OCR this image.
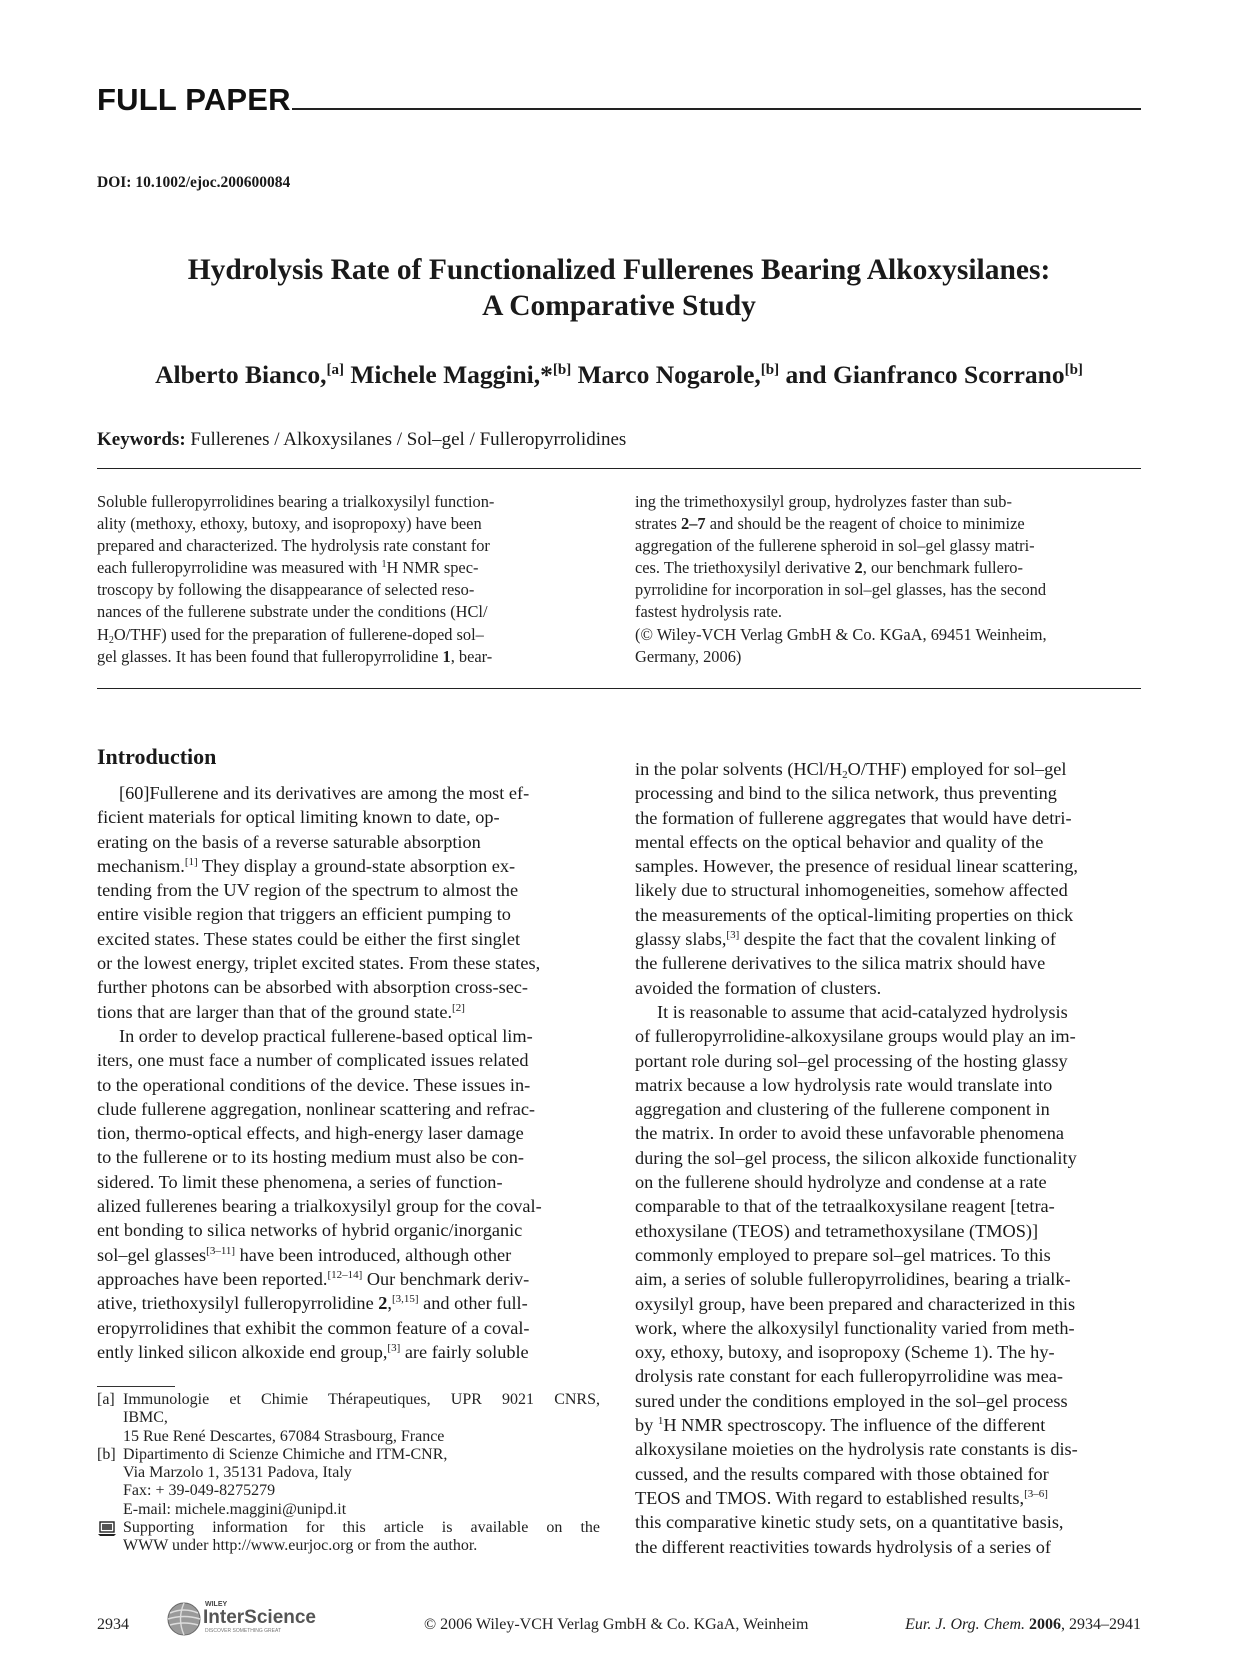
FULL PAPER
DOI: 10.1002/ejoc.200600084
Hydrolysis Rate of Functionalized Fullerenes Bearing Alkoxysilanes:
A Comparative Study
Alberto Bianco,[a] Michele Maggini,*[b] Marco Nogarole,[b] and Gianfranco Scorrano[b]
Keywords: Fullerenes / Alkoxysilanes / Sol–gel / Fulleropyrrolidines
Soluble fulleropyrrolidines bearing a trialkoxysilyl function-
ality (methoxy, ethoxy, butoxy, and isopropoxy) have been
prepared and characterized. The hydrolysis rate constant for
each fulleropyrrolidine was measured with $^1$H NMR spec-
troscopy by following the disappearance of selected reso-
nances of the fullerene substrate under the conditions (HCl/
$H_2O/THF$) used for the preparation of fullerene-doped sol–
gel glasses. It has been found that fulleropyrrolidine 1, bear-
ing the trimethoxysilyl group, hydrolyzes faster than sub-
strates 2–7 and should be the reagent of choice to minimize
aggregation of the fullerene spheroid in sol–gel glassy matri-
ces. The triethoxysilyl derivative 2, our benchmark fullero-
pyrrolidine for incorporation in sol–gel glasses, has the second
fastest hydrolysis rate.
(© Wiley-VCH Verlag GmbH & Co. KGaA, 69451 Weinheim,
Germany, 2006)
Introduction
[60]Fullerene and its derivatives are among the most ef-
ficient materials for optical limiting known to date, op-
erating on the basis of a reverse saturable absorption
mechanism.[1] They display a ground-state absorption ex-
tending from the UV region of the spectrum to almost the
entire visible region that triggers an efficient pumping to
excited states. These states could be either the first singlet
or the lowest energy, triplet excited states. From these states,
further photons can be absorbed with absorption cross-sec-
tions that are larger than that of the ground state.[2]
In order to develop practical fullerene-based optical lim-
iters, one must face a number of complicated issues related
to the operational conditions of the device. These issues in-
clude fullerene aggregation, nonlinear scattering and refrac-
tion, thermo-optical effects, and high-energy laser damage
to the fullerene or to its hosting medium must also be con-
sidered. To limit these phenomena, a series of function-
alized fullerenes bearing a trialkoxysilyl group for the coval-
ent bonding to silica networks of hybrid organic/inorganic
sol–gel glasses[3–11] have been introduced, although other
approaches have been reported.[12–14] Our benchmark deriv-
ative, triethoxysilyl fulleropyrrolidine 2,[3,15] and other full-
eropyrrolidines that exhibit the common feature of a coval-
ently linked silicon alkoxide end group,[3] are fairly soluble
in the polar solvents $(HCl/H_2O/THF)$ employed for sol–gel
processing and bind to the silica network, thus preventing
the formation of fullerene aggregates that would have detri-
mental effects on the optical behavior and quality of the
samples. However, the presence of residual linear scattering,
likely due to structural inhomogeneities, somehow affected
the measurements of the optical-limiting properties on thick
glassy slabs,[3] despite the fact that the covalent linking of
the fullerene derivatives to the silica matrix should have
avoided the formation of clusters.
It is reasonable to assume that acid-catalyzed hydrolysis
of fulleropyrrolidine-alkoxysilane groups would play an im-
portant role during sol–gel processing of the hosting glassy
matrix because a low hydrolysis rate would translate into
aggregation and clustering of the fullerene component in
the matrix. In order to avoid these unfavorable phenomena
during the sol–gel process, the silicon alkoxide functionality
on the fullerene should hydrolyze and condense at a rate
comparable to that of the tetraalkoxysilane reagent [tetra-
ethoxysilane (TEOS) and tetramethoxysilane (TMOS)]
commonly employed to prepare sol–gel matrices. To this
aim, a series of soluble fulleropyrrolidines, bearing a trialk-
oxysilyl group, have been prepared and characterized in this
work, where the alkoxysilyl functionality varied from meth-
oxy, ethoxy, butoxy, and isopropoxy (Scheme 1). The hy-
drolysis rate constant for each fulleropyrrolidine was mea-
sured under the conditions employed in the sol–gel process
by $^1$H NMR spectroscopy. The influence of the different
alkoxysilane moieties on the hydrolysis rate constants is dis-
cussed, and the results compared with those obtained for
TEOS and TMOS. With regard to established results,[3–6]
this comparative kinetic study sets, on a quantitative basis,
the different reactivities towards hydrolysis of a series of
[a] Immunologie et Chimie Thérapeutiques, UPR 9021 CNRS,
IBMC,
15 Rue René Descartes, 67084 Strasbourg, France
[b] Dipartimento di Scienze Chimiche and ITM-CNR,
Via Marzolo 1, 35131 Padova, Italy
Fax: + 39-049-8275279
E-mail: michele.maggini@unipd.it
Supporting information for this article is available on the
WWW under http://www.eurjoc.org or from the author.
2934
WILEY
InterScience
DISCOVER SOMETHING GREAT	© 2006 Wiley-VCH Verlag GmbH & Co. KGaA, Weinheim	Eur. J. Org. Chem. 2006, 2934–2941
